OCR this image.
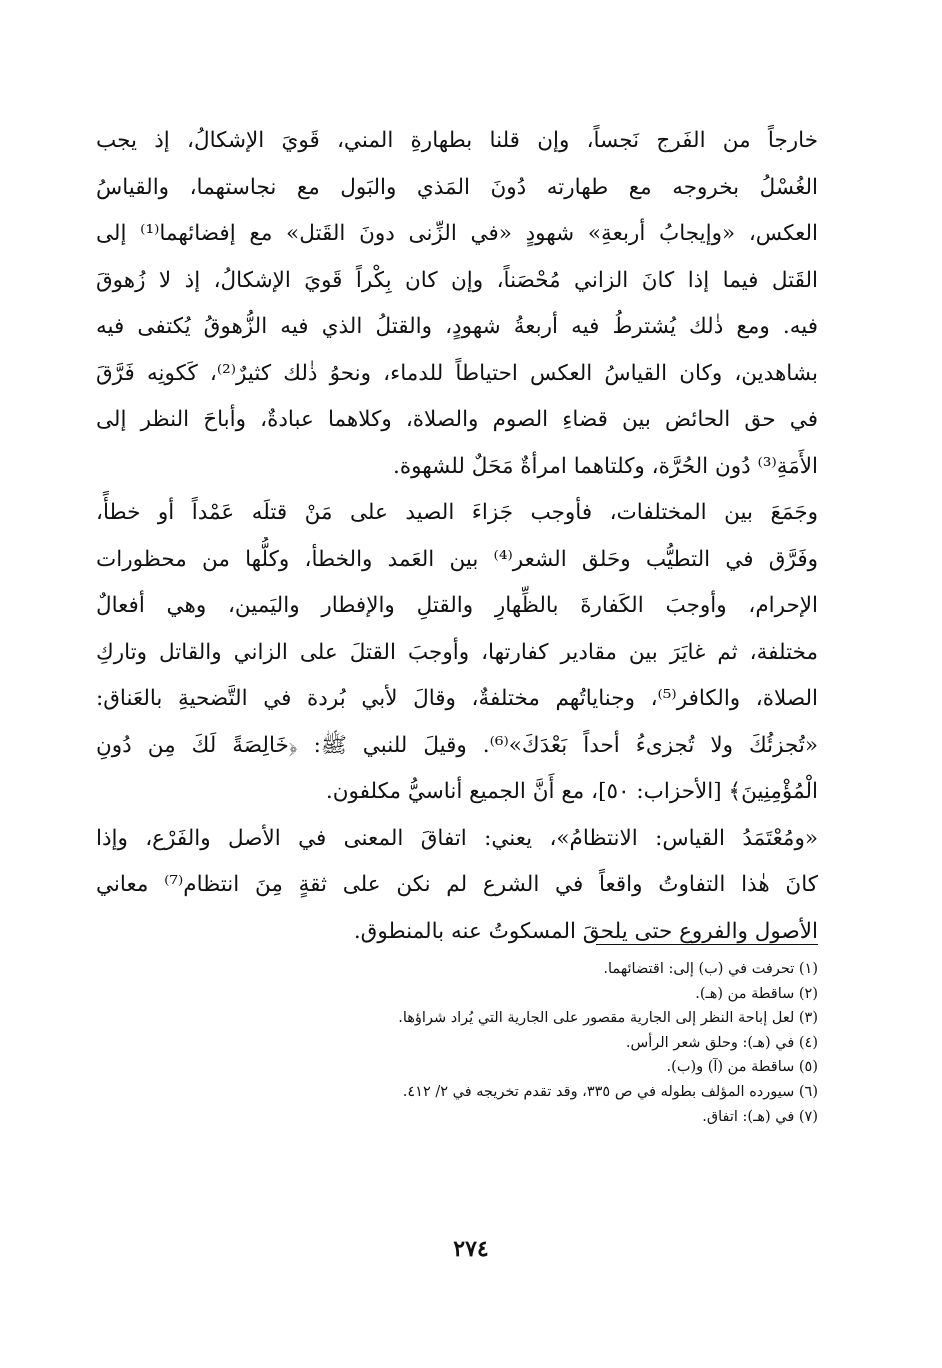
خارجاً من الفَرج نَجساً، وإن قلنا بطهارةِ المني، قَويَ الإشكالُ، إذ يجب
الغُسْلُ بخروجه مع طهارته دُونَ المَذي والبَول مع نجاستهما، والقياسُ
العكس، «وإيجابُ أربعةِ» شهودٍ «في الزِّنى دونَ القَتل» مع إفضائهما⁽¹⁾ إلى
القَتل فيما إذا كانَ الزاني مُحْصَناً، وإن كان بِكْراً قَويَ الإشكالُ، إذ لا زُهوقَ
فيه. ومع ذٰلك يُشترطُ فيه أربعةُ شهودٍ، والقتلُ الذي فيه الزُّهوقُ يُكتفى فيه
بشاهدين، وكان القياسُ العكس احتياطاً للدماء، ونحوُ ذٰلك كثيرٌ⁽²⁾، كَكونِه فَرَّقَ
في حق الحائض بين قضاءِ الصوم والصلاة، وكلاهما عبادةٌ، وأباحَ النظر إلى
الأَمَةِ⁽³⁾ دُون الحُرَّة، وكلتاهما امرأةٌ مَحَلٌ للشهوة.
وجَمَعَ بين المختلفات، فأوجب جَزاءَ الصيد على مَنْ قتلَه عَمْداً أو خطأً،
وفَرَّق في التطيُّب وحَلق الشعر⁽⁴⁾ بين العَمد والخطأ، وكلُّها من محظورات
الإحرام، وأوجبَ الكَفارةَ بالظِّهارِ والقتلِ والإفطار واليَمين، وهي أفعالٌ
مختلفة، ثم غايَرَ بين مقادير كفارتها، وأوجبَ القتلَ على الزاني والقاتل وتاركِ
الصلاة، والكافر⁽⁵⁾، وجناياتُهم مختلفةٌ، وقالَ لأبي بُردة في التَّضحيةِ بالعَناق:
«تُجزئُكَ ولا تُجزىءُ أحداً بَعْدَكَ»⁽⁶⁾. وقيلَ للنبي ﷺ: ﴿خَالِصَةً لَكَ مِن دُونِ
الْمُؤْمِنِينَ﴾ [الأحزاب: ٥٠]، مع أَنَّ الجميع أناسيُّ مكلفون.
«ومُعْتَمَدُ القياس: الانتظامُ»، يعني: اتفاقَ المعنى في الأصل والفَرْع، وإذا
كانَ هٰذا التفاوتُ واقعاً في الشرع لم نكن على ثقةٍ مِنَ انتظام⁽⁷⁾ معاني
الأصول والفروع حتى يلحقَ المسكوتُ عنه بالمنطوق.
(١) تحرفت في (ب) إلى: اقتضائهما.
(٢) ساقطة من (هـ).
(٣) لعل إباحة النظر إلى الجارية مقصور على الجارية التي يُراد شراؤها.
(٤) في (هـ): وحلق شعر الرأس.
(٥) ساقطة من (آ) و(ب).
(٦) سيورده المؤلف بطوله في ص ٣٣٥، وقد تقدم تخريجه في ٢/ ٤١٢.
(٧) في (هـ): اتفاق.
٢٧٤
